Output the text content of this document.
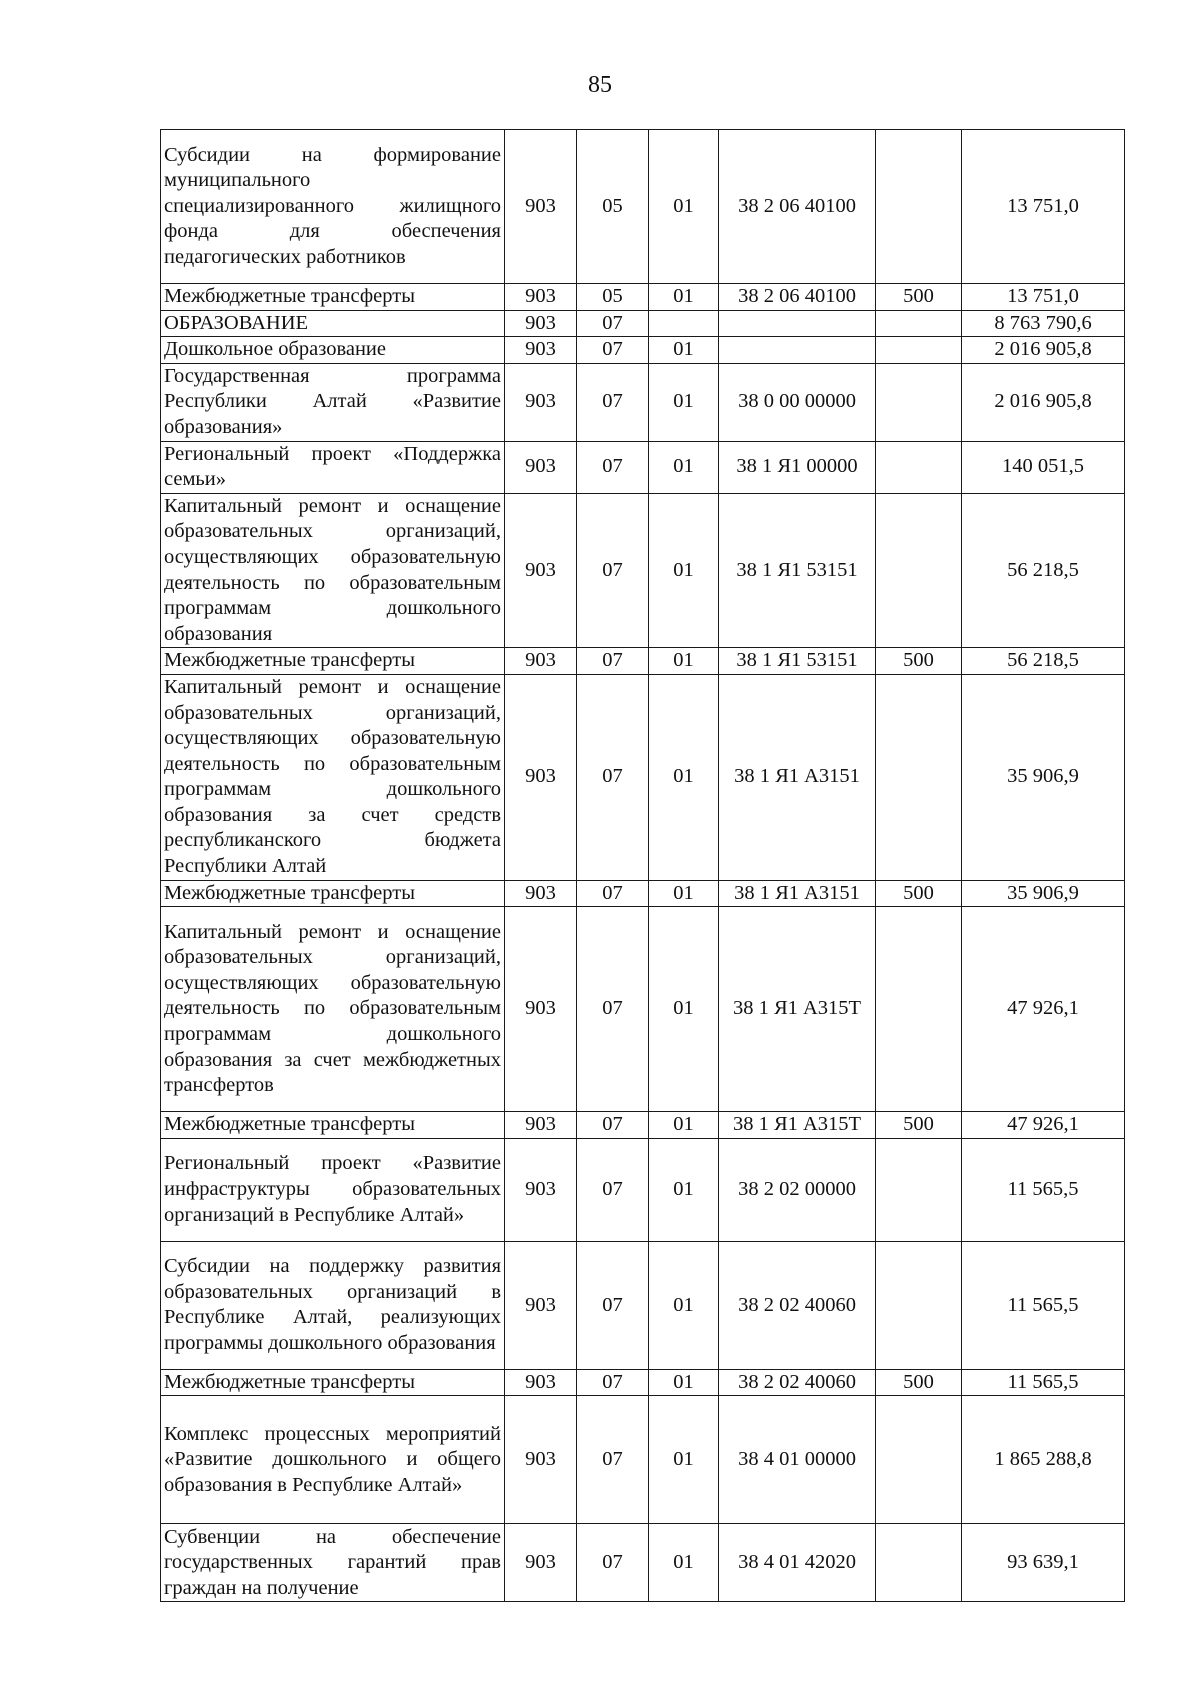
85
Субсидии на формирование муниципального специализированного жилищного фонда для обеспечения педагогических работников	903	05	01	38 2 06 40100		13 751,0
Межбюджетные трансферты	903	05	01	38 2 06 40100	500	13 751,0
ОБРАЗОВАНИЕ	903	07				8 763 790,6
Дошкольное образование	903	07	01			2 016 905,8
Государственная программа Республики Алтай «Развитие образования»	903	07	01	38 0 00 00000		2 016 905,8
Региональный проект «Поддержка семьи»	903	07	01	38 1 Я1 00000		140 051,5
Капитальный ремонт и оснащение образовательных организаций, осуществляющих образовательную деятельность по образовательным программам дошкольного образования	903	07	01	38 1 Я1 53151		56 218,5
Межбюджетные трансферты	903	07	01	38 1 Я1 53151	500	56 218,5
Капитальный ремонт и оснащение образовательных организаций, осуществляющих образовательную деятельность по образовательным программам дошкольного образования за счет средств республиканского бюджета Республики Алтай	903	07	01	38 1 Я1 А3151		35 906,9
Межбюджетные трансферты	903	07	01	38 1 Я1 А3151	500	35 906,9
Капитальный ремонт и оснащение образовательных организаций, осуществляющих образовательную деятельность по образовательным программам дошкольного образования за счет межбюджетных трансфертов	903	07	01	38 1 Я1 А315Т		47 926,1
Межбюджетные трансферты	903	07	01	38 1 Я1 А315Т	500	47 926,1
Региональный проект «Развитие инфраструктуры образовательных организаций в Республике Алтай»	903	07	01	38 2 02 00000		11 565,5
Субсидии на поддержку развития образовательных организаций в Республике Алтай, реализующих программы дошкольного образования	903	07	01	38 2 02 40060		11 565,5
Межбюджетные трансферты	903	07	01	38 2 02 40060	500	11 565,5
Комплекс процессных мероприятий «Развитие дошкольного и общего образования в Республике Алтай»	903	07	01	38 4 01 00000		1 865 288,8
Субвенции на обеспечение государственных гарантий прав граждан на получение	903	07	01	38 4 01 42020		93 639,1
